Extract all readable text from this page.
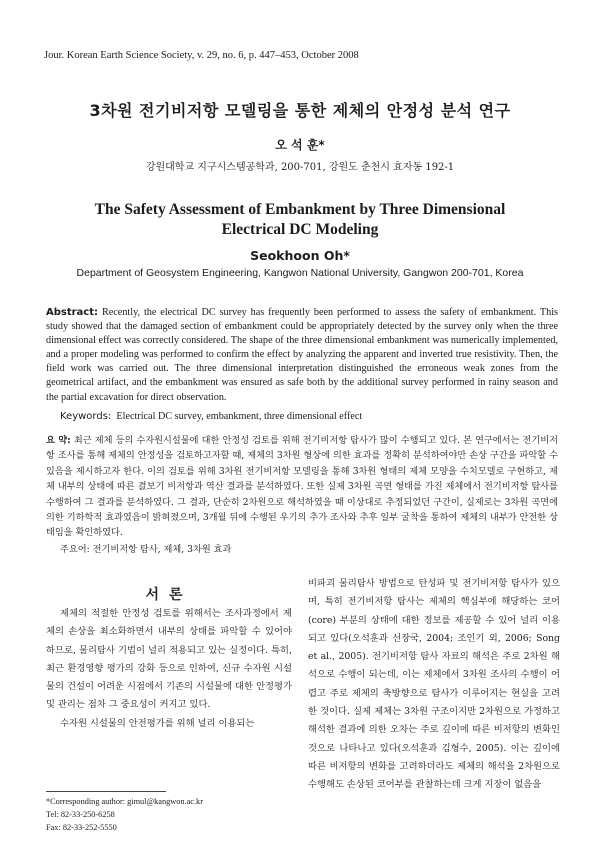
Jour. Korean Earth Science Society, v. 29, no. 6, p. 447–453, October 2008
3차원 전기비저항 모델링을 통한 제체의 안정성 분석 연구
오 석 훈*
강원대학교 지구시스템공학과, 200-701, 강원도 춘천시 효자동 192-1
The Safety Assessment of Embankment by Three Dimensional
Electrical DC Modeling
Seokhoon Oh*
Department of Geosystem Engineering, Kangwon National University, Gangwon 200-701, Korea
Abstract: Recently, the electrical DC survey has frequently been performed to assess the safety of embankment. This study showed that the damaged section of embankment could be appropriately detected by the survey only when the three dimensional effect was correctly considered. The shape of the three dimensional embankment was numerically implemented, and a proper modeling was performed to confirm the effect by analyzing the apparent and inverted true resistivity. Then, the field work was carried out. The three dimensional interpretation distinguished the erroneous weak zones from the geometrical artifact, and the embankment was ensured as safe both by the additional survey performed in rainy season and the partial excavation for direct observation.
Keywords: Electrical DC survey, embankment, three dimensional effect
요 약: 최근 제체 등의 수자원시설물에 대한 안정성 검토를 위해 전기비저항 탐사가 많이 수행되고 있다. 본 연구에서는 전기비저항 조사를 통해 제체의 안정성을 검토하고자할 때, 제체의 3차원 형상에 의한 효과를 정확히 분석하여야만 손상 구간을 파악할 수 있음을 제시하고자 한다. 이의 검토를 위해 3차원 전기비저항 모델링을 통해 3차원 형태의 제체 모양을 수치모델로 구현하고, 제체 내부의 상태에 따른 겴보기 비저항과 역산 결과를 분석하였다. 또한 실제 3차원 곡면 형태를 가진 제체에서 전기비저항 탐사를 수행하여 그 결과를 분석하였다. 그 결과, 단순히 2차원으로 해석하였을 때 이상대로 추정되었던 구간이, 실제로는 3차원 곡면에 의한 기하학적 효과였음이 밝혀졌으며, 3개월 뒤에 수행된 우기의 추가 조사와 추후 일부 굴착을 통하여 제체의 내부가 안전한 상태임을 확인하였다.
주요어: 전기비저항 탐사, 제체, 3차원 효과
서론
제체의 적절한 안정성 검토를 위해서는 조사과정에서 제체의 손상을 최소화하면서 내부의 상태를 파악할 수 있어야 하므로, 물리탐사 기법이 널리 적용되고 있는 실정이다. 특히, 최근 환경영향 평가의 강화 등으로 인하여, 신규 수자원 시설물의 건설이 어려운 시점에서 기존의 시설물에 대한 안정평가 및 관리는 점차 그 중요성이 커지고 있다.
수자원 시설물의 안전평가를 위해 널리 이용되는
비파괴 물리탐사 방법으로 탄성파 및 전기비저항 탐사가 있으며, 특히 전기비저항 탐사는 제체의 핵심부에 해당하는 코어(core) 부분의 상태에 대한 정보를 제공할 수 있어 널리 이용되고 있다(오석훈과 선장국, 2004; 조인기 외, 2006; Song et al., 2005). 전기비저항 탐사 자료의 해석은 주로 2차원 해석으로 수행이 되는데, 이는 제체에서 3차원 조사의 수행이 어렵고 주로 제체의 축방향으로 탐사가 이루어지는 현실을 고려한 것이다. 실제 제체는 3차원 구조이지만 2차원으로 가정하고 해석한 결과에 의한 오차는 주로 깊이에 따른 비저항의 변화인 것으로 나타나고 있다(오석훈과 김형수, 2005). 이는 깊이에 따른 비저항의 변화를 고려하더라도 제체의 해석을 2차원으로 수행해도 손상된 코어부를 관찰하는데 크게 지장이 없음을
*Corresponding author: gimul@kangwon.ac.kr
Tel: 82-33-250-6258
Fax: 82-33-252-5550
